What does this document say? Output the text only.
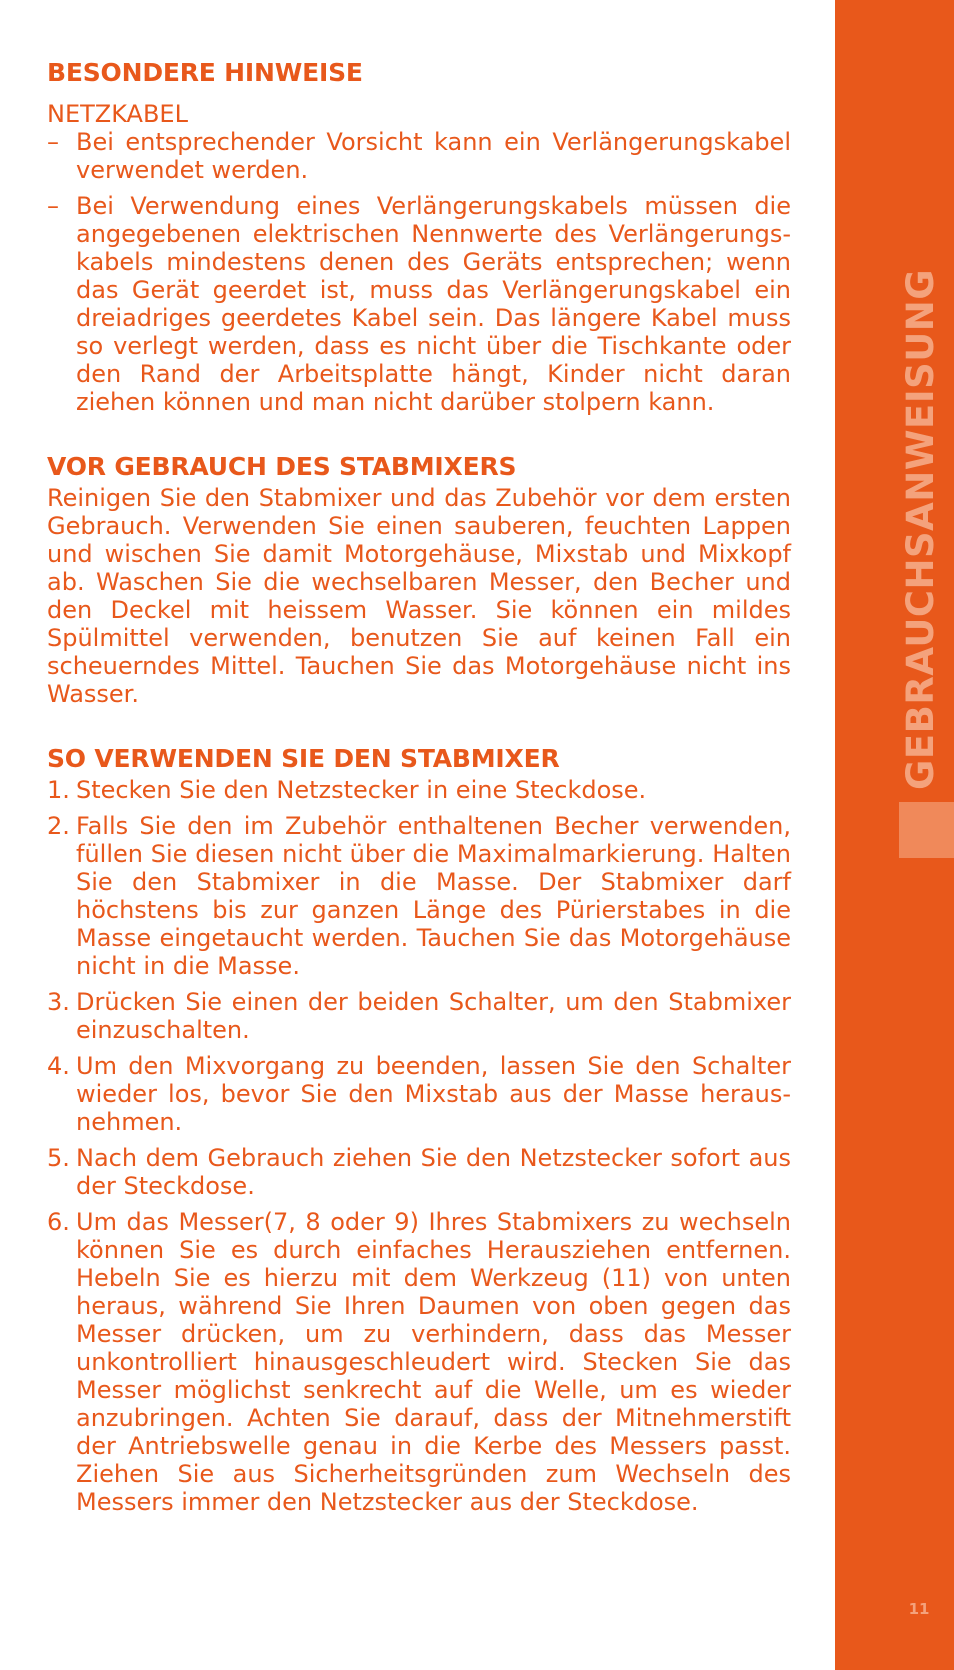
BESONDERE HINWEISE

NETZKABEL

– Bei entsprechender Vorsicht kann ein Verlängerungskabel verwendet werden.
– Bei Verwendung eines Verlängerungskabels müssen die angegebenen elektrischen Nennwerte des Verlängerungs-kabels mindestens denen des Geräts entsprechen; wenn das Gerät geerdet ist, muss das Verlängerungskabel ein dreiadriges geerdetes Kabel sein. Das längere Kabel muss so verlegt werden, dass es nicht über die Tischkante oder den Rand der Arbeitsplatte hängt, Kinder nicht daran ziehen können und man nicht darüber stolpern kann.
VOR GEBRAUCH DES STABMIXERS

Reinigen Sie den Stabmixer und das Zubehör vor dem ersten Gebrauch. Verwenden Sie einen sauberen, feuchten Lappen und wischen Sie damit Motorgehäuse, Mixstab und Mixkopf ab. Waschen Sie die wechselbaren Messer, den Becher und den Deckel mit heissem Wasser. Sie können ein mildes Spülmittel verwenden, benutzen Sie auf keinen Fall ein scheuerndes Mittel. Tauchen Sie das Motorgehäuse nicht ins Wasser.

SO VERWENDEN SIE DEN STABMIXER
1. Stecken Sie den Netzstecker in eine Steckdose.
2. Falls Sie den im Zubehör enthaltenen Becher verwenden, füllen Sie diesen nicht über die Maximalmarkierung. Halten Sie den Stabmixer in die Masse. Der Stabmixer darf höchstens bis zur ganzen Länge des Pürierstabes in die Masse eingetaucht werden. Tauchen Sie das Motorgehäuse nicht in die Masse.
3. Drücken Sie einen der beiden Schalter, um den Stabmixer einzuschalten.
4. Um den Mixvorgang zu beenden, lassen Sie den Schalter wieder los, bevor Sie den Mixstab aus der Masse heraus-nehmen.
5. Nach dem Gebrauch ziehen Sie den Netzstecker sofort aus der Steckdose.
6. Um das Messer(7, 8 oder 9) Ihres Stabmixers zu wechseln können Sie es durch einfaches Herausziehen entfernen. Hebeln Sie es hierzu mit dem Werkzeug (11) von unten heraus, während Sie Ihren Daumen von oben gegen das Messer drücken, um zu verhindern, dass das Messer unkontrolliert hinausgeschleudert wird. Stecken Sie das Messer möglichst senkrecht auf die Welle, um es wieder anzubringen. Achten Sie darauf, dass der Mitnehmerstift der Antriebswelle genau in die Kerbe des Messers passt. Ziehen Sie aus Sicherheitsgründen zum Wechseln des Messers immer den Netzstecker aus der Steckdose.
GEBRAUCHSANWEISUNG
11
